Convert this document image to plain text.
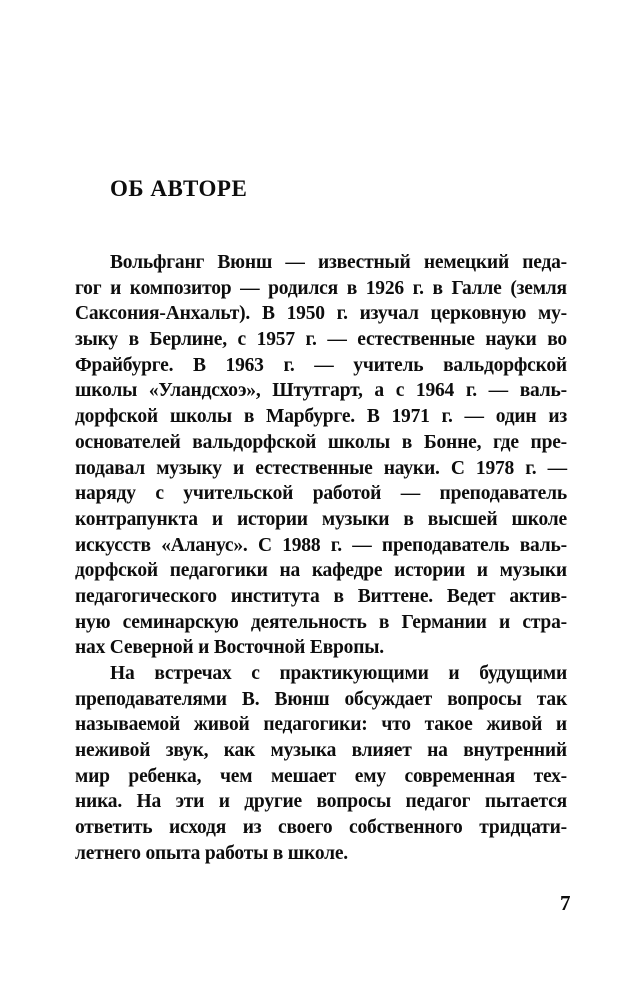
ОБ АВТОРЕ
Вольфганг Вюнш — известный немецкий педа-
гог и композитор — родился в 1926 г. в Галле (земля
Саксония-Анхальт). В 1950 г. изучал церковную му-
зыку в Берлине, с 1957 г. — естественные науки во
Фрайбурге. В 1963 г. — учитель вальдорфской
школы «Уландсхоэ», Штутгарт, а с 1964 г. — валь-
дорфской школы в Марбурге. В 1971 г. — один из
основателей вальдорфской школы в Бонне, где пре-
подавал музыку и естественные науки. С 1978 г. —
наряду с учительской работой — преподаватель
контрапункта и истории музыки в высшей школе
искусств «Аланус». С 1988 г. — преподаватель валь-
дорфской педагогики на кафедре истории и музыки
педагогического института в Виттене. Ведет актив-
ную семинарскую деятельность в Германии и стра-
нах Северной и Восточной Европы.
На встречах с практикующими и будущими
преподавателями В. Вюнш обсуждает вопросы так
называемой живой педагогики: что такое живой и
неживой звук, как музыка влияет на внутренний
мир ребенка, чем мешает ему современная тех-
ника. На эти и другие вопросы педагог пытается
ответить исходя из своего собственного тридцати-
летнего опыта работы в школе.
7
